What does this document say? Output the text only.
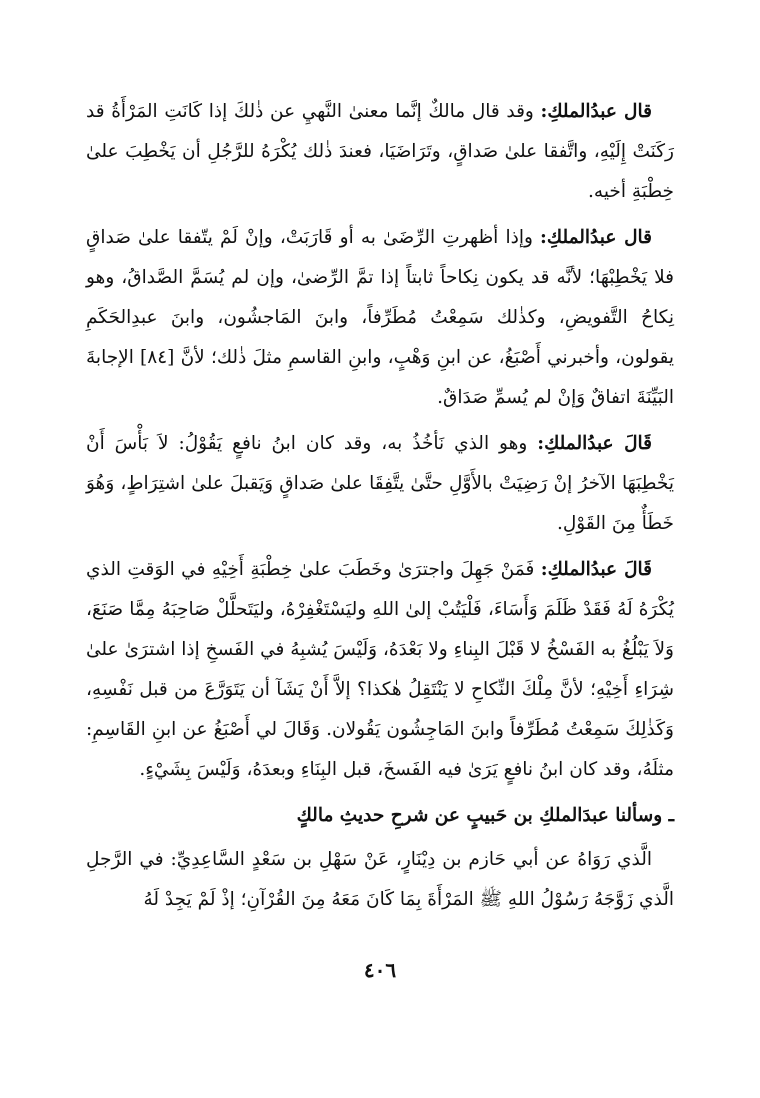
قال عبدُالملكِ: وقد قال مالكٌ إنَّما معنىٰ النَّهيِ عن ذٰلكَ إذا كَانَتِ المَرْأَةُ قد رَكَنَتْ إِلَيْهِ، واتَّفقا علىٰ صَداقٍ، وتَرَاضَيَا، فعندَ ذٰلك يُكْرَهُ للرَّجُلِ أن يَخْطِبَ علىٰ خِطْبَةِ أخيه.

قال عبدُالملكِ: وإذا أظهرتِ الرِّضَىٰ به أو قَارَبَتْ، وإنْ لَمْ يتّفقا علىٰ صَداقٍ فلا يَخْطِبْهَا؛ لأنَّه قد يكون نِكاحاً ثابتاً إذا تمَّ الرِّضىٰ، وإن لم يُسَمَّ الصَّداقُ، وهو نِكاحُ التَّفويضِ، وكذٰلك سَمِعْتُ مُطَرِّفاً، وابنَ المَاجشُون، وابنَ عبدِالحَكَمِ يقولون، وأخبرني أَصْبَغُ، عن ابنِ وَهْبٍ، وابنِ القاسمِ مثلَ ذٰلك؛ لأنَّ [٨٤] الإجابةَ البَيِّنَةَ اتفاقٌ وَإنْ لم يُسمِّ صَدَاقٌ.

قَالَ عبدُالملكِ: وهو الذي نَأخُذُ به، وقد كان ابنُ نافعٍ يَقُوْلُ: لاَ بَأْسَ أَنْ يَخْطِبَهَا الآخرُ إنْ رَضِيَتْ بالأَوَّلِ حتَّىٰ يتَّفِقَا علىٰ صَداقٍ وَيَقبلَ علىٰ اشتِرَاطٍ، وَهُوَ خَطَأٌ مِنَ القَوْلِ.

قَالَ عبدُالملكِ: فَمَنْ جَهِلَ واجترَىٰ وخَطَبَ علىٰ خِطْبَةِ أَخِيْهِ في الوَقتِ الذي يُكْرَهُ لَهُ فَقَدْ ظَلَمَ وَأَسَاءَ، فَلْيَتُبْ إلىٰ اللهِ وليَسْتَغْفِرْهُ، وليَتَحلَّلْ صَاحِبَهُ مِمَّا صَنَعَ، وَلاَ يَبْلُغُ به الفَسْخُ لا قَبْلَ البِناءِ ولا بَعْدَهُ، وَلَيْسَ يُشبِهُ في الفَسخِ إذا اشترَىٰ علىٰ شِرَاءِ أَخِيْهِ؛ لأنَّ مِلْكَ النِّكاحِ لا يَنْتَقِلُ هٰكذا؟ إلاَّ أَنْ يَشَآ أن يَتَوَرَّعَ من قبل نَفْسِهِ، وَكَذٰلِكَ سَمِعْتُ مُطَرِّفاً وابنَ المَاجِشُون يَقُولان. وَقَالَ لي أَصْبَغُ عن ابنِ القَاسِمِ: مثلَهُ، وقد كان ابنُ نافعٍ يَرَىٰ فيه الفَسخَ، قبل البِنَاءِ وبعدَهُ، وَلَيْسَ بِشَيْءٍ.

ـ وسألنا عبدَالملكِ بن حَبيبٍ عن شرحِ حديثِ مالكٍ

الَّذي رَوَاهُ عن أبي حَازم بن دِيْنَارٍ، عَنْ سَهْلِ بن سَعْدٍ السَّاعِدِيِّ: في الرَّجلِ الَّذي زَوَّجَهُ رَسُوْلُ اللهِ ﷺ المَرْأَةَ بِمَا كَانَ مَعَهُ مِنَ القُرْآنِ؛ إذْ لَمْ يَجِدْ لَهُ

٤٠٦
